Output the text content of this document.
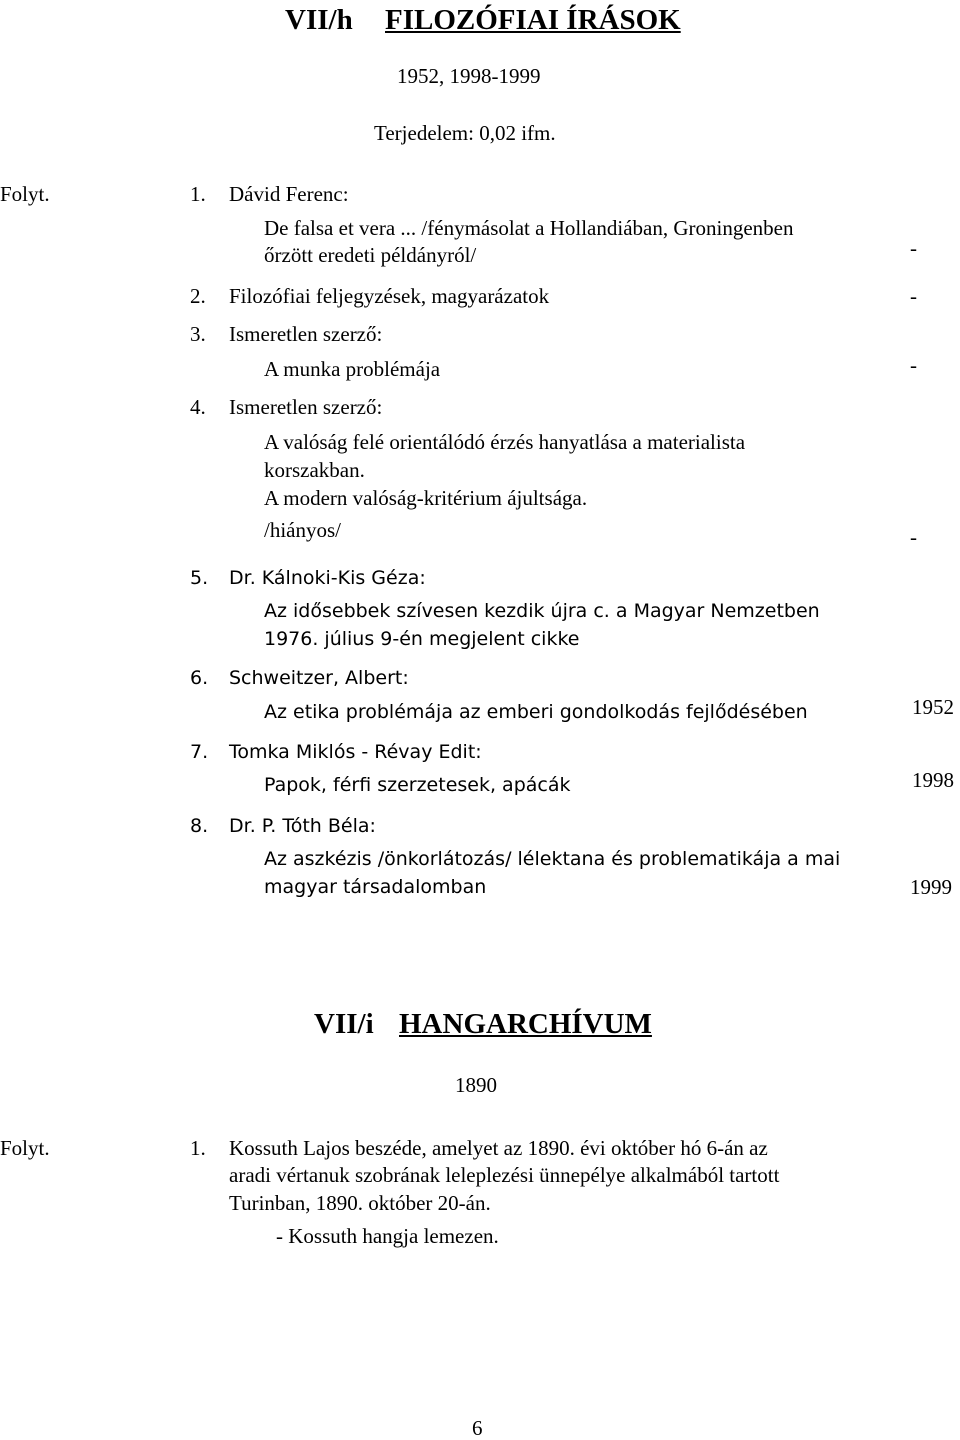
VII/h FILOZÓFIAI ÍRÁSOK
1952, 1998-1999
Terjedelem: 0,02 ifm.
Folyt.	1. Dávid Ferenc:
De falsa et vera ... /fénymásolat a Hollandiában, Groningenben
őrzött eredeti példányról/	-
2. Filozófiai feljegyzések, magyarázatok	-
3. Ismeretlen szerző:
A munka problémája	-
4. Ismeretlen szerző:
A valóság felé orientálódó érzés hanyatlása a materialista
korszakban.
A modern valóság-kritérium ájultsága.
/hiányos/	-
5. Dr. Kálnoki-Kis Géza:
Az idősebbek szívesen kezdik újra c. a Magyar Nemzetben
1976. július 9-én megjelent cikke
6. Schweitzer, Albert:
Az etika problémája az emberi gondolkodás fejlődésében	1952
7. Tomka Miklós - Révay Edit:
Papok, férfi szerzetesek, apácák	1998
8. Dr. P. Tóth Béla:
Az aszkézis /önkorlátozás/ lélektana és problematikája a mai
magyar társadalomban	1999
VII/i HANGARCHÍVUM
1890
Folyt.	1. Kossuth Lajos beszéde, amelyet az 1890. évi október hó 6-án az
aradi vértanuk szobrának leleplezési ünnepélye alkalmából tartott
Turinban, 1890. október 20-án.
- Kossuth hangja lemezen.
6
